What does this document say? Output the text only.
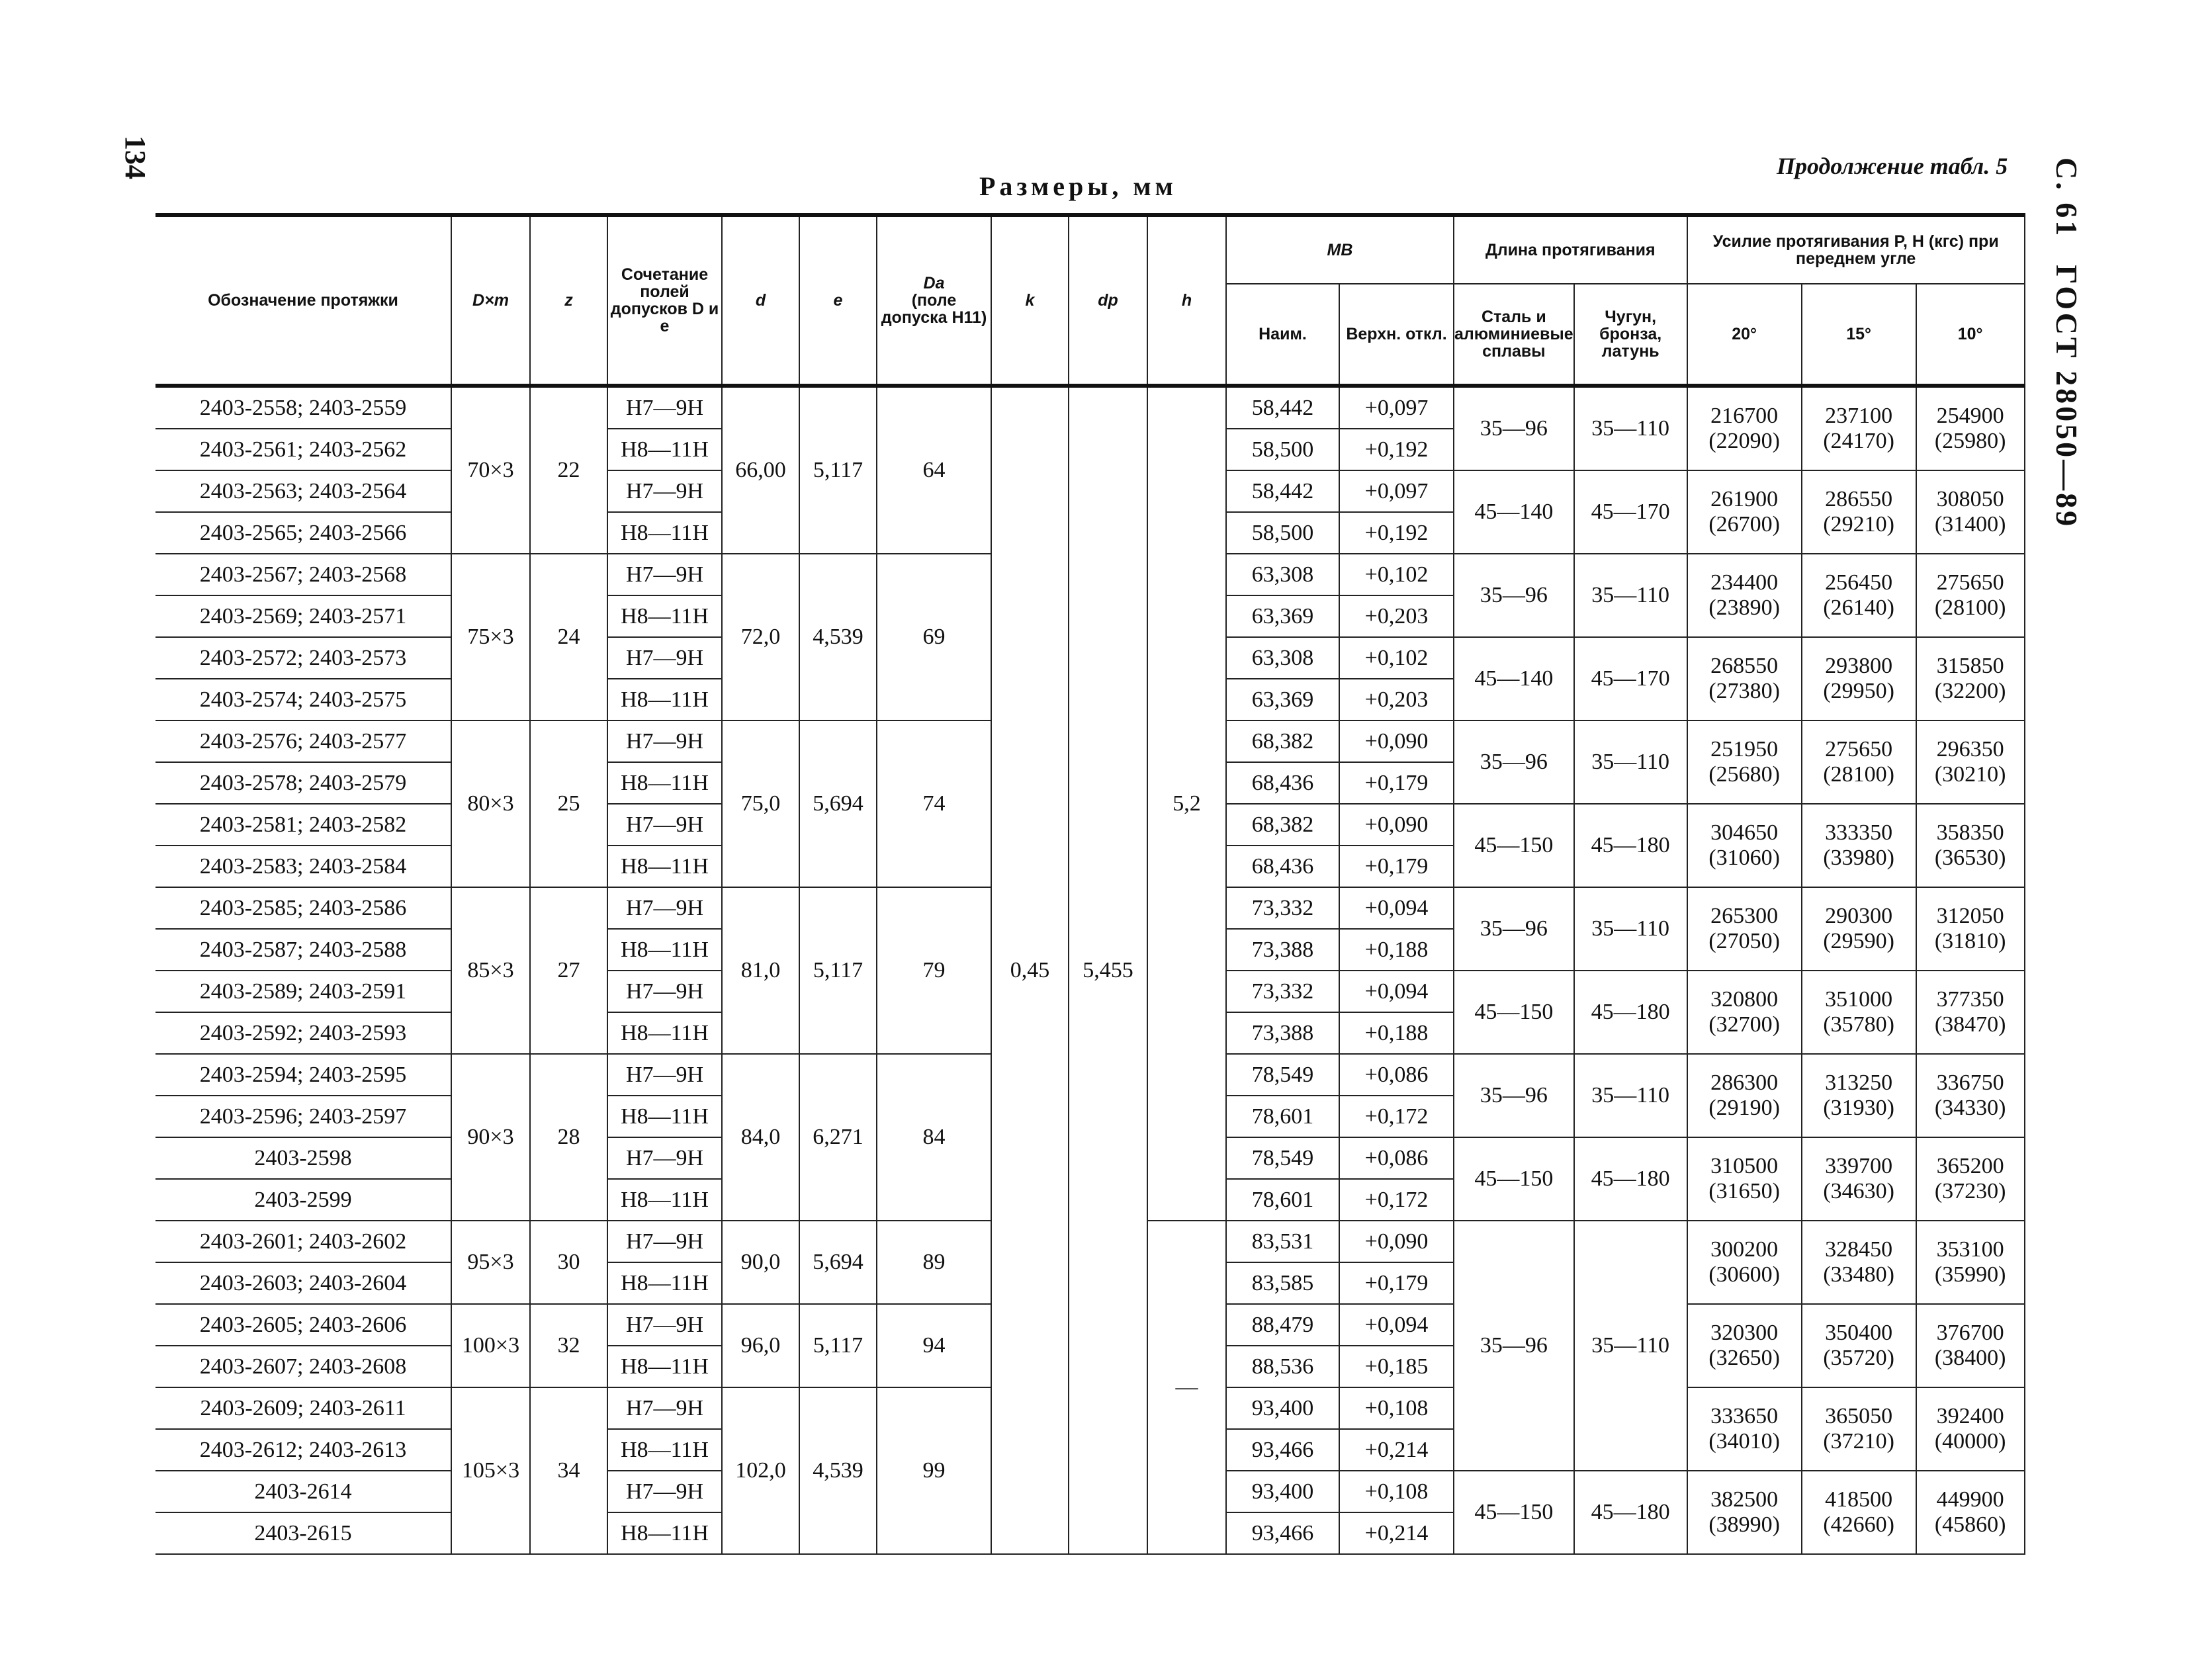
134
Размеры, мм
Продолжение табл. 5 С. 61ГОСТ 28050—89
Обозначение протяжки	D×m	z	Сочетание полей допусков D и e	d	e	Da
(поле допуска H11)	k	dp	h	MB		Длина протягивания		Усилие протягивания P, Н (кгс) при переднем угле		
										Наим.	Верхн. откл.	Сталь и алюминиевые сплавы	Чугун, бронза, латунь	20°	15°	10°
2403-2558; 2403-2559	70×3	22	H7—9H	66,00	5,117	64	0,45	5,455	5,2	58,442	+0,097	35—96	35—110	216700 (22090)	237100 (24170)	254900 (25980)
2403-2561; 2403-2562			H8—11H							58,500	+0,192					
2403-2563; 2403-2564			H7—9H							58,442	+0,097	45—140	45—170	261900 (26700)	286550 (29210)	308050 (31400)
2403-2565; 2403-2566			H8—11H							58,500	+0,192					
2403-2567; 2403-2568	75×3	24	H7—9H	72,0	4,539	69				63,308	+0,102	35—96	35—110	234400 (23890)	256450 (26140)	275650 (28100)
2403-2569; 2403-2571			H8—11H							63,369	+0,203					
2403-2572; 2403-2573			H7—9H							63,308	+0,102	45—140	45—170	268550 (27380)	293800 (29950)	315850 (32200)
2403-2574; 2403-2575			H8—11H							63,369	+0,203					
2403-2576; 2403-2577	80×3	25	H7—9H	75,0	5,694	74				68,382	+0,090	35—96	35—110	251950 (25680)	275650 (28100)	296350 (30210)
2403-2578; 2403-2579			H8—11H							68,436	+0,179					
2403-2581; 2403-2582			H7—9H							68,382	+0,090	45—150	45—180	304650 (31060)	333350 (33980)	358350 (36530)
2403-2583; 2403-2584			H8—11H							68,436	+0,179					
2403-2585; 2403-2586	85×3	27	H7—9H	81,0	5,117	79				73,332	+0,094	35—96	35—110	265300 (27050)	290300 (29590)	312050 (31810)
2403-2587; 2403-2588			H8—11H							73,388	+0,188					
2403-2589; 2403-2591			H7—9H							73,332	+0,094	45—150	45—180	320800 (32700)	351000 (35780)	377350 (38470)
2403-2592; 2403-2593			H8—11H							73,388	+0,188					
2403-2594; 2403-2595	90×3	28	H7—9H	84,0	6,271	84				78,549	+0,086	35—96	35—110	286300 (29190)	313250 (31930)	336750 (34330)
2403-2596; 2403-2597			H8—11H							78,601	+0,172					
2403-2598			H7—9H							78,549	+0,086	45—150	45—180	310500 (31650)	339700 (34630)	365200 (37230)
2403-2599			H8—11H							78,601	+0,172					
2403-2601; 2403-2602	95×3	30	H7—9H	90,0	5,694	89			—	83,531	+0,090	35—96	35—110	300200 (30600)	328450 (33480)	353100 (35990)
2403-2603; 2403-2604			H8—11H							83,585	+0,179					
2403-2605; 2403-2606	100×3	32	H7—9H	96,0	5,117	94				88,479	+0,094			320300 (32650)	350400 (35720)	376700 (38400)
2403-2607; 2403-2608			H8—11H							88,536	+0,185					
2403-2609; 2403-2611	105×3	34	H7—9H	102,0	4,539	99				93,400	+0,108			333650 (34010)	365050 (37210)	392400 (40000)
2403-2612; 2403-2613			H8—11H							93,466	+0,214					
2403-2614			H7—9H							93,400	+0,108	45—150	45—180	382500 (38990)	418500 (42660)	449900 (45860)
2403-2615			H8—11H							93,466	+0,214					
